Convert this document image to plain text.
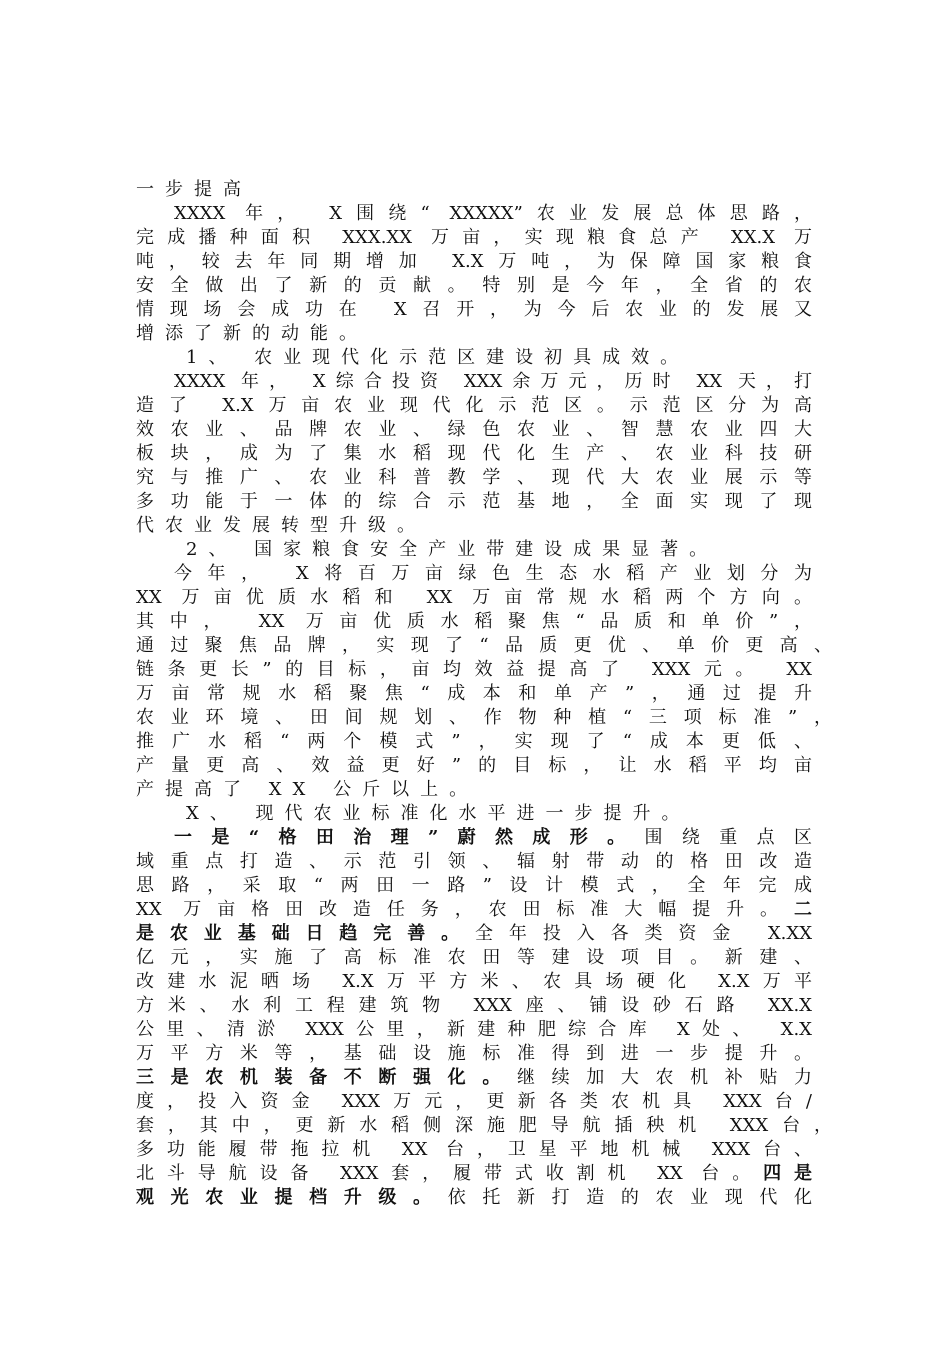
一步提高
XXXX 年， X围绕“ XXXXX”农业发展总体思路，
完成播种面积 XXX.XX 万亩，实现粮食总产 XX.X 万
吨，较去年同期增加 X.X万吨，为保障国家粮食
安全做出了新的贡献。特别是今年，全省的农
情现场会成功在 X召开，为今后农业的发展又
增添了新的动能。
1、 农业现代化示范区建设初具成效。
XXXX 年， X综合投资 XXX余万元，历时 XX 天，打
造了 X.X万亩农业现代化示范区。示范区分为高
效农业、品牌农业、绿色农业、智慧农业四大
板块，成为了集水稻现代化生产、农业科技研
究与推广、农业科普教学、现代大农业展示等
多功能于一体的综合示范基地，全面实现了现
代农业发展转型升级。
2、 国家粮食安全产业带建设成果显著。
今年， X将百万亩绿色生态水稻产业划分为
XX 万亩优质水稻和 XX 万亩常规水稻两个方向。
其中， XX 万亩优质水稻聚焦“品质和单价”，
通过聚焦品牌，实现了“品质更优、单价更高、
链条更长”的目标，亩均效益提高了 XXX元。 XX
万亩常规水稻聚焦“成本和单产”，通过提升
农业环境、田间规划、作物种植“三项标准”，
推广水稻“两个模式”，实现了“成本更低、
产量更高、效益更好”的目标，让水稻平均亩
产提高了 XX 公斤以上。
X、 现代农业标准化水平进一步提升。
一是“格田治理”蔚然成形。围绕重点区
域重点打造、示范引领、辐射带动的格田改造
思路，采取“两田一路”设计模式，全年完成
XX 万亩格田改造任务，农田标准大幅提升。二
是农业基础日趋完善。全年投入各类资金 X.XX
亿元，实施了高标准农田等建设项目。新建、
改建水泥晒场 X.X万平方米、农具场硬化 X.X万平
方米、水利工程建筑物 XXX座、铺设砂石路 XX.X
公里、清淤 XXX公里，新建种肥综合库 X处、 X.X
万平方米等，基础设施标准得到进一步提升。
三是农机装备不断强化。继续加大农机补贴力
度，投入资金 XXX万元，更新各类农机具 XXX台/
套，其中，更新水稻侧深施肥导航插秧机 XXX台，
多功能履带拖拉机 XX 台，卫星平地机械 XXX台、
北斗导航设备 XXX套，履带式收割机 XX 台。四是
观光农业提档升级。依托新打造的农业现代化
